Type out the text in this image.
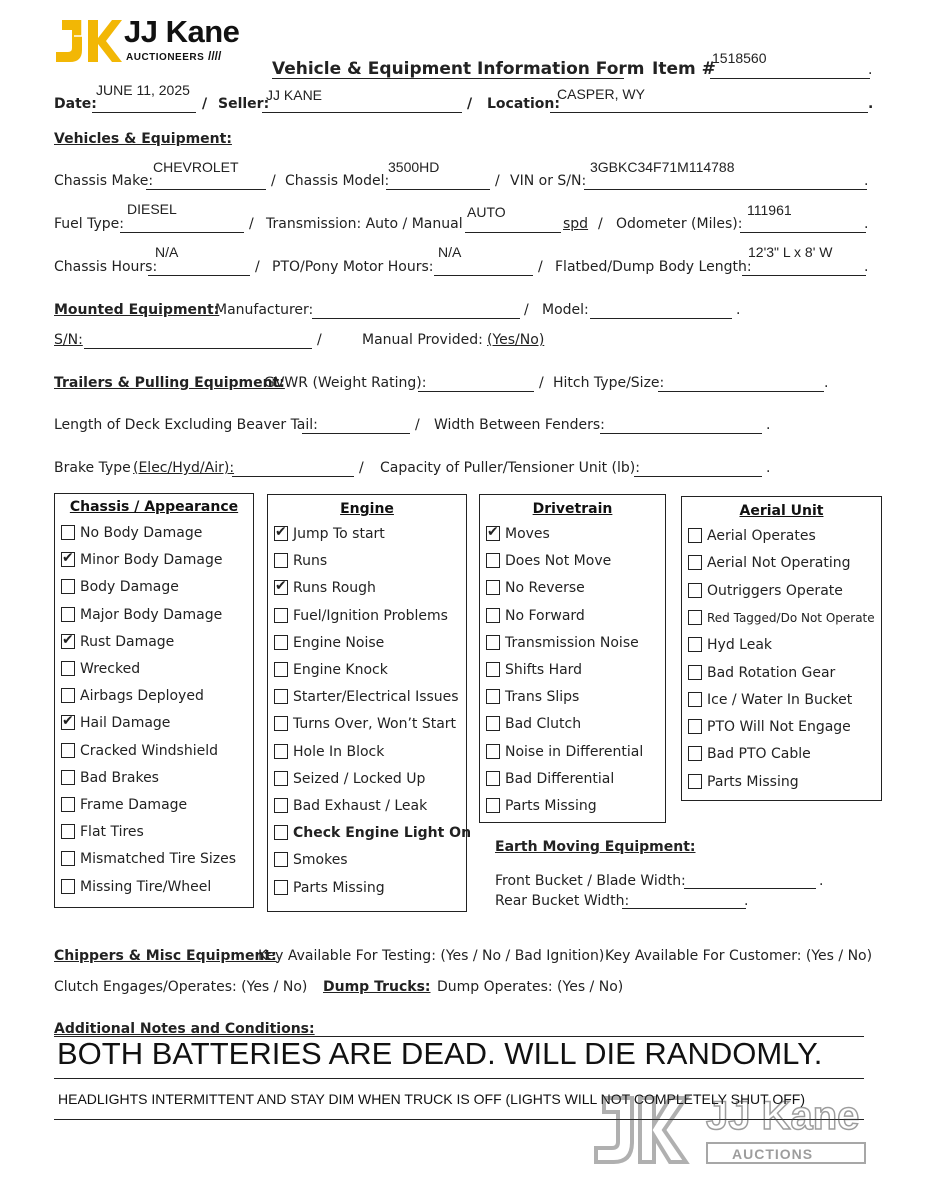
JJ Kane
AUCTIONEERS ////
Vehicle & Equipment Information Form Item #
1518560
.
Date:
JUNE 11, 2025
/ Seller:
JJ KANE
/ Location:
CASPER, WY
.
Vehicles & Equipment:
Chassis Make:
CHEVROLET
/ Chassis Model:
3500HD
/ VIN or S/N:
3GBKC34F71M114788
.
Fuel Type:
DIESEL
/ Transmission: Auto / Manual
AUTO
spd / Odometer (Miles):
111961
.
Chassis Hours:
N/A
/ PTO/Pony Motor Hours:
N/A
/ Flatbed/Dump Body Length:
12'3" L x 8' W
.
Mounted Equipment:
Manufacturer:	/ Model:	.
S/N:	/	Manual Provided: (Yes/No)
Trailers & Pulling Equipment:
GVWR (Weight Rating):	/ Hitch Type/Size:	.
Length of Deck Excluding Beaver Tail:	/ Width Between Fenders:	.
Brake Type (Elec/Hyd/Air):	/ Capacity of Puller/Tensioner Unit (lb):	.
Chassis / Appearance
No Body Damage
✔Minor Body Damage
Body Damage
Major Body Damage
✔Rust Damage
Wrecked
Airbags Deployed
✔Hail Damage
Cracked Windshield
Bad Brakes
Frame Damage
Flat Tires
Mismatched Tire Sizes
Missing Tire/Wheel
Engine
✔Jump To start
Runs
✔Runs Rough
Fuel/Ignition Problems
Engine Noise
Engine Knock
Starter/Electrical Issues
Turns Over, Won’t Start
Hole In Block
Seized / Locked Up
Bad Exhaust / Leak
Check Engine Light On
Smokes
Parts Missing
Drivetrain
✔Moves
Does Not Move
No Reverse
No Forward
Transmission Noise
Shifts Hard
Trans Slips
Bad Clutch
Noise in Differential
Bad Differential
Parts Missing
Aerial Unit
Aerial Operates
Aerial Not Operating
Outriggers Operate
Red Tagged/Do Not Operate
Hyd Leak
Bad Rotation Gear
Ice / Water In Bucket
PTO Will Not Engage
Bad PTO Cable
Parts Missing
Earth Moving Equipment:
Front Bucket / Blade Width:	.
Rear Bucket Width:	.
Chippers & Misc Equipment:
Key Available For Testing: (Yes / No / Bad Ignition) Key Available For Customer: (Yes / No)
Clutch Engages/Operates: (Yes / No) Dump Trucks: Dump Operates: (Yes / No)
Additional Notes and Conditions:
BOTH BATTERIES ARE DEAD. WILL DIE RANDOMLY.
HEADLIGHTS INTERMITTENT AND STAY DIM WHEN TRUCK IS OFF (LIGHTS WILL NOT COMPLETELY SHUT OFF)
JJ Kane
AUCTIONS
